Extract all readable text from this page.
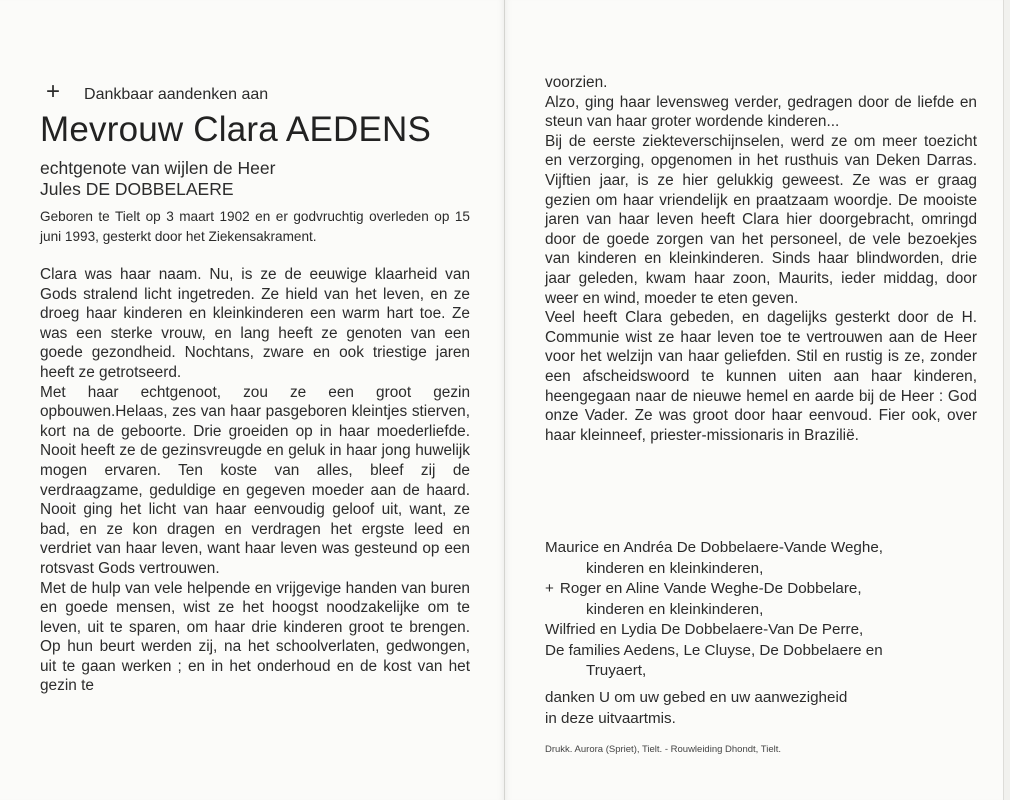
+ Dankbaar aandenken aan
Mevrouw Clara AEDENS
echtgenote van wijlen de Heer
Jules DE DOBBELAERE
Geboren te Tielt op 3 maart 1902 en er godvruchtig overleden op 15 juni 1993, gesterkt door het Ziekensakrament.

Clara was haar naam. Nu, is ze de eeuwige klaarheid van Gods stralend licht ingetreden. Ze hield van het leven, en ze droeg haar kinderen en kleinkinderen een warm hart toe. Ze was een sterke vrouw, en lang heeft ze genoten van een goede gezondheid. Nochtans, zware en ook triestige jaren heeft ze getrotseerd.

Met haar echtgenoot, zou ze een groot gezin opbouwen.Helaas, zes van haar pasgeboren kleintjes stierven, kort na de geboorte. Drie groeiden op in haar moederliefde. Nooit heeft ze de gezinsvreugde en geluk in haar jong huwelijk mogen ervaren. Ten koste van alles, bleef zij de verdraagzame, geduldige en gegeven moeder aan de haard. Nooit ging het licht van haar eenvoudig geloof uit, want, ze bad, en ze kon dragen en verdragen het ergste leed en verdriet van haar leven, want haar leven was gesteund op een rotsvast Gods vertrouwen.

Met de hulp van vele helpende en vrijgevige handen van buren en goede mensen, wist ze het hoogst noodzakelijke om te leven, uit te sparen, om haar drie kinderen groot te brengen. Op hun beurt werden zij, na het schoolverlaten, gedwongen, uit te gaan werken ; en in het onderhoud en de kost van het gezin te

voorzien.

Alzo, ging haar levensweg verder, gedragen door de liefde en steun van haar groter wordende kinderen...

Bij de eerste ziekteverschijnselen, werd ze om meer toezicht en verzorging, opgenomen in het rusthuis van Deken Darras. Vijftien jaar, is ze hier gelukkig geweest. Ze was er graag gezien om haar vriendelijk en praatzaam woordje. De mooiste jaren van haar leven heeft Clara hier doorgebracht, omringd door de goede zorgen van het personeel, de vele bezoekjes van kinderen en kleinkinderen. Sinds haar blindworden, drie jaar geleden, kwam haar zoon, Maurits, ieder middag, door weer en wind, moeder te eten geven.

Veel heeft Clara gebeden, en dagelijks gesterkt door de H. Communie wist ze haar leven toe te vertrouwen aan de Heer voor het welzijn van haar geliefden. Stil en rustig is ze, zonder een afscheidswoord te kunnen uiten aan haar kinderen, heengegaan naar de nieuwe hemel en aarde bij de Heer : God onze Vader. Ze was groot door haar eenvoud. Fier ook, over haar kleinneef, priester-missionaris in Brazilië.

Maurice en Andréa De Dobbelaere-Vande Weghe,
kinderen en kleinkinderen,
+ Roger en Aline Vande Weghe-De Dobbelare,
kinderen en kleinkinderen,
Wilfried en Lydia De Dobbelaere-Van De Perre,
De families Aedens, Le Cluyse, De Dobbelaere en
Truyaert,
danken U om uw gebed en uw aanwezigheid
in deze uitvaartmis.
Drukk. Aurora (Spriet), Tielt. - Rouwleiding Dhondt, Tielt.
